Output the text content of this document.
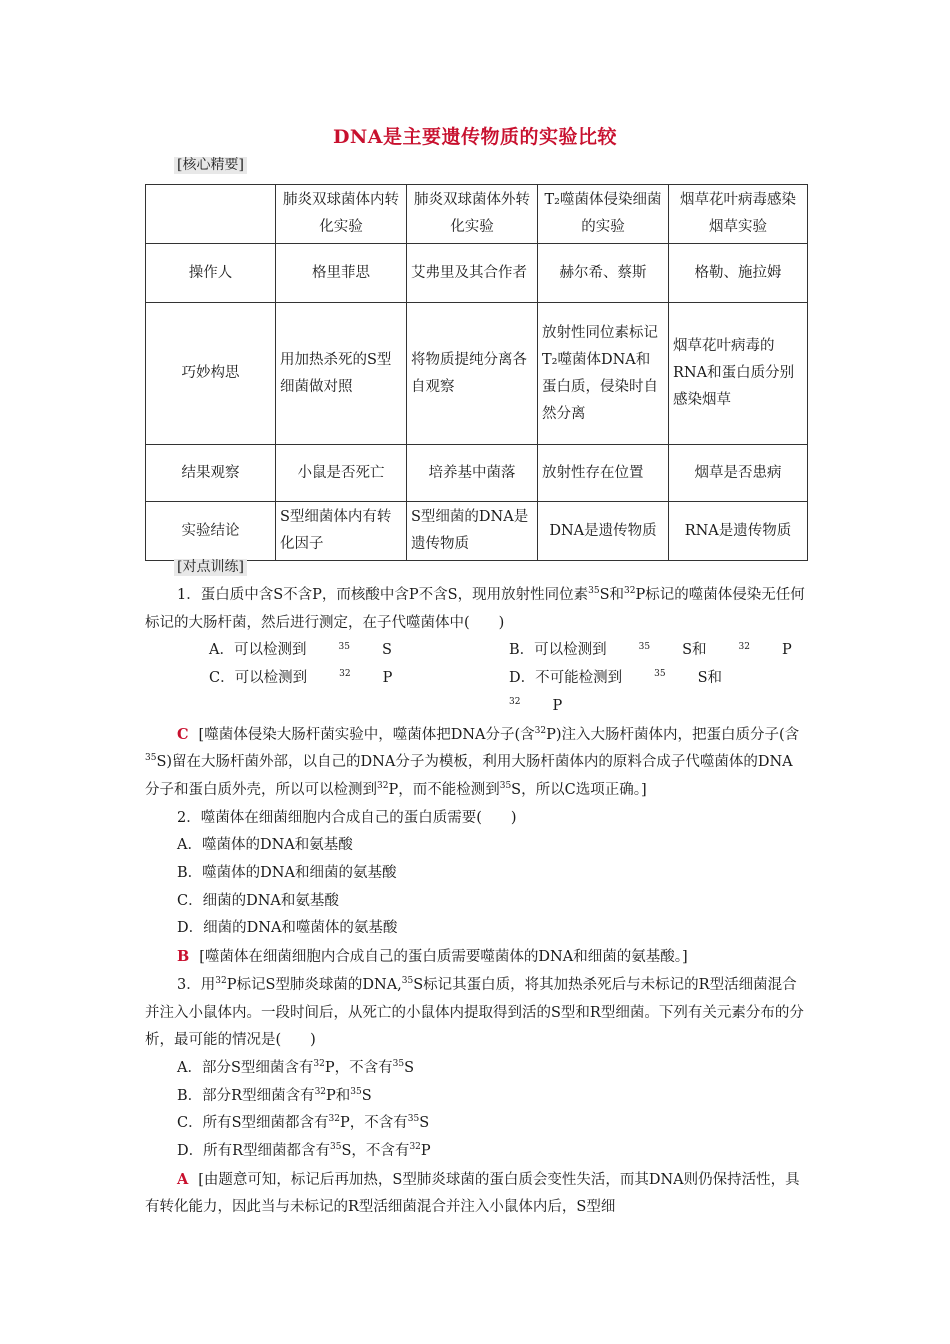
DNA是主要遗传物质的实验比较
[核心精要]
	肺炎双球菌体内转化实验	肺炎双球菌体外转化实验	T₂噬菌体侵染细菌的实验	烟草花叶病毒感染烟草实验
操作人	格里菲思	艾弗里及其合作者	赫尔希、蔡斯	格勒、施拉姆
巧妙构思	用加热杀死的S型细菌做对照	将物质提纯分离各自观察	放射性同位素标记T₂噬菌体DNA和蛋白质，侵染时自然分离	烟草花叶病毒的RNA和蛋白质分别感染烟草
结果观察	小鼠是否死亡	培养基中菌落	放射性存在位置	烟草是否患病
实验结论	S型细菌体内有转化因子	S型细菌的DNA是遗传物质	DNA是遗传物质	RNA是遗传物质
[对点训练]

1．蛋白质中含S不含P，而核酸中含P不含S，现用放射性同位素$^{35}$S和$^{32}$P标记的噬菌体侵染无任何标记的大肠杆菌，然后进行测定，在子代噬菌体中(　　)

A．可以检测到	$^{35}$ S	B．可以检测到	$^{35}$ S和	$^{32}$ P
C．可以检测到	$^{32}$ P	D．不可能检测到	$^{35}$ S和$^{32}$ P

C [噬菌体侵染大肠杆菌实验中，噬菌体把DNA分子(含$^{32}$P)注入大肠杆菌体内，把蛋白质分子(含$^{35}$S)留在大肠杆菌外部，以自己的DNA分子为模板，利用大肠杆菌体内的原料合成子代噬菌体的DNA分子和蛋白质外壳，所以可以检测到$^{32}$P，而不能检测到$^{35}$S，所以C选项正确。]

2．噬菌体在细菌细胞内合成自己的蛋白质需要(　　)

A．噬菌体的DNA和氨基酸

B．噬菌体的DNA和细菌的氨基酸

C．细菌的DNA和氨基酸

D．细菌的DNA和噬菌体的氨基酸

B [噬菌体在细菌细胞内合成自己的蛋白质需要噬菌体的DNA和细菌的氨基酸。]

3．用$^{32}$P标记S型肺炎球菌的DNA,$^{35}$S标记其蛋白质，将其加热杀死后与未标记的R型活细菌混合并注入小鼠体内。一段时间后，从死亡的小鼠体内提取得到活的S型和R型细菌。下列有关元素分布的分析，最可能的情况是(　　)

A．部分S型细菌含有$^{32}$P，不含有$^{35}$S

B．部分R型细菌含有$^{32}$P和$^{35}$S

C．所有S型细菌都含有$^{32}$P，不含有$^{35}$S

D．所有R型细菌都含有$^{35}$S，不含有$^{32}$P

A [由题意可知，标记后再加热，S型肺炎球菌的蛋白质会变性失活，而其DNA则仍保持活性，具有转化能力，因此当与未标记的R型活细菌混合并注入小鼠体内后，S型细
